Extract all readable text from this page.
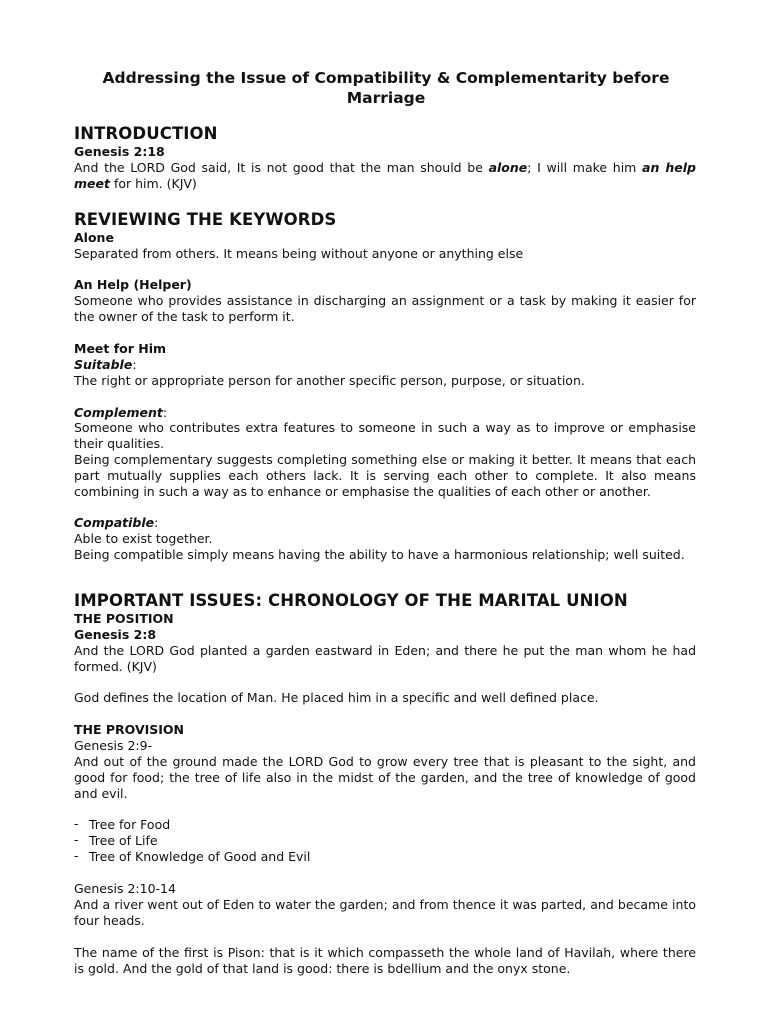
Addressing the Issue of Compatibility & Complementarity before Marriage
INTRODUCTION
Genesis 2:18

And the LORD God said, It is not good that the man should be alone; I will make him an help meet for him. (KJV)

REVIEWING THE KEYWORDS
Alone

Separated from others. It means being without anyone or anything else

An Help (Helper)

Someone who provides assistance in discharging an assignment or a task by making it easier for the owner of the task to perform it.

Meet for Him

Suitable:

The right or appropriate person for another specific person, purpose, or situation.

Complement:

Someone who contributes extra features to someone in such a way as to improve or emphasise their qualities.

Being complementary suggests completing something else or making it better. It means that each part mutually supplies each others lack. It is serving each other to complete. It also means combining in such a way as to enhance or emphasise the qualities of each other or another.

Compatible:

Able to exist together.

Being compatible simply means having the ability to have a harmonious relationship; well suited.

IMPORTANT ISSUES: CHRONOLOGY OF THE MARITAL UNION
THE POSITION
Genesis 2:8

And the LORD God planted a garden eastward in Eden; and there he put the man whom he had formed. (KJV)

God defines the location of Man. He placed him in a specific and well defined place.

THE PROVISION

Genesis 2:9-

And out of the ground made the LORD God to grow every tree that is pleasant to the sight, and good for food; the tree of life also in the midst of the garden, and the tree of knowledge of good and evil.

- Tree for Food
- Tree of Life
- Tree of Knowledge of Good and Evil

Genesis 2:10-14

And a river went out of Eden to water the garden; and from thence it was parted, and became into four heads.

The name of the first is Pison: that is it which compasseth the whole land of Havilah, where there is gold. And the gold of that land is good: there is bdellium and the onyx stone.
